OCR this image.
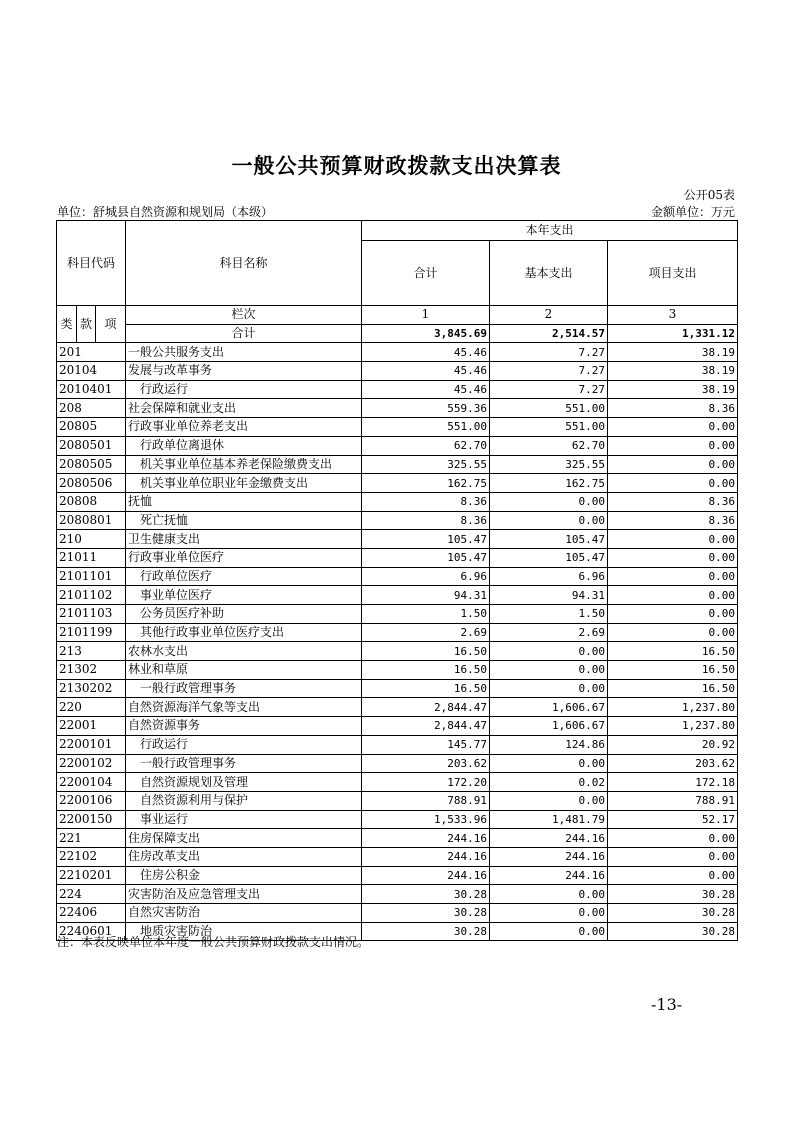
一般公共预算财政拨款支出决算表
公开05表
单位：舒城县自然资源和规划局（本级）	金额单位：万元
科目代码			科目名称	本年支出		
				合计	基本支出	项目支出
类	款	项	栏次	1	2	3
			合计	3,845.69	2,514.57	1,331.12
201			一般公共服务支出	45.46	7.27	38.19
20104			发展与改革事务	45.46	7.27	38.19
2010401			行政运行	45.46	7.27	38.19
208			社会保障和就业支出	559.36	551.00	8.36
20805			行政事业单位养老支出	551.00	551.00	0.00
2080501			行政单位离退休	62.70	62.70	0.00
2080505			机关事业单位基本养老保险缴费支出	325.55	325.55	0.00
2080506			机关事业单位职业年金缴费支出	162.75	162.75	0.00
20808			抚恤	8.36	0.00	8.36
2080801			死亡抚恤	8.36	0.00	8.36
210			卫生健康支出	105.47	105.47	0.00
21011			行政事业单位医疗	105.47	105.47	0.00
2101101			行政单位医疗	6.96	6.96	0.00
2101102			事业单位医疗	94.31	94.31	0.00
2101103			公务员医疗补助	1.50	1.50	0.00
2101199			其他行政事业单位医疗支出	2.69	2.69	0.00
213			农林水支出	16.50	0.00	16.50
21302			林业和草原	16.50	0.00	16.50
2130202			一般行政管理事务	16.50	0.00	16.50
220			自然资源海洋气象等支出	2,844.47	1,606.67	1,237.80
22001			自然资源事务	2,844.47	1,606.67	1,237.80
2200101			行政运行	145.77	124.86	20.92
2200102			一般行政管理事务	203.62	0.00	203.62
2200104			自然资源规划及管理	172.20	0.02	172.18
2200106			自然资源利用与保护	788.91	0.00	788.91
2200150			事业运行	1,533.96	1,481.79	52.17
221			住房保障支出	244.16	244.16	0.00
22102			住房改革支出	244.16	244.16	0.00
2210201			住房公积金	244.16	244.16	0.00
224			灾害防治及应急管理支出	30.28	0.00	30.28
22406			自然灾害防治	30.28	0.00	30.28
2240601			地质灾害防治	30.28	0.00	30.28
注：本表反映单位本年度一般公共预算财政拨款支出情况。
-13-
